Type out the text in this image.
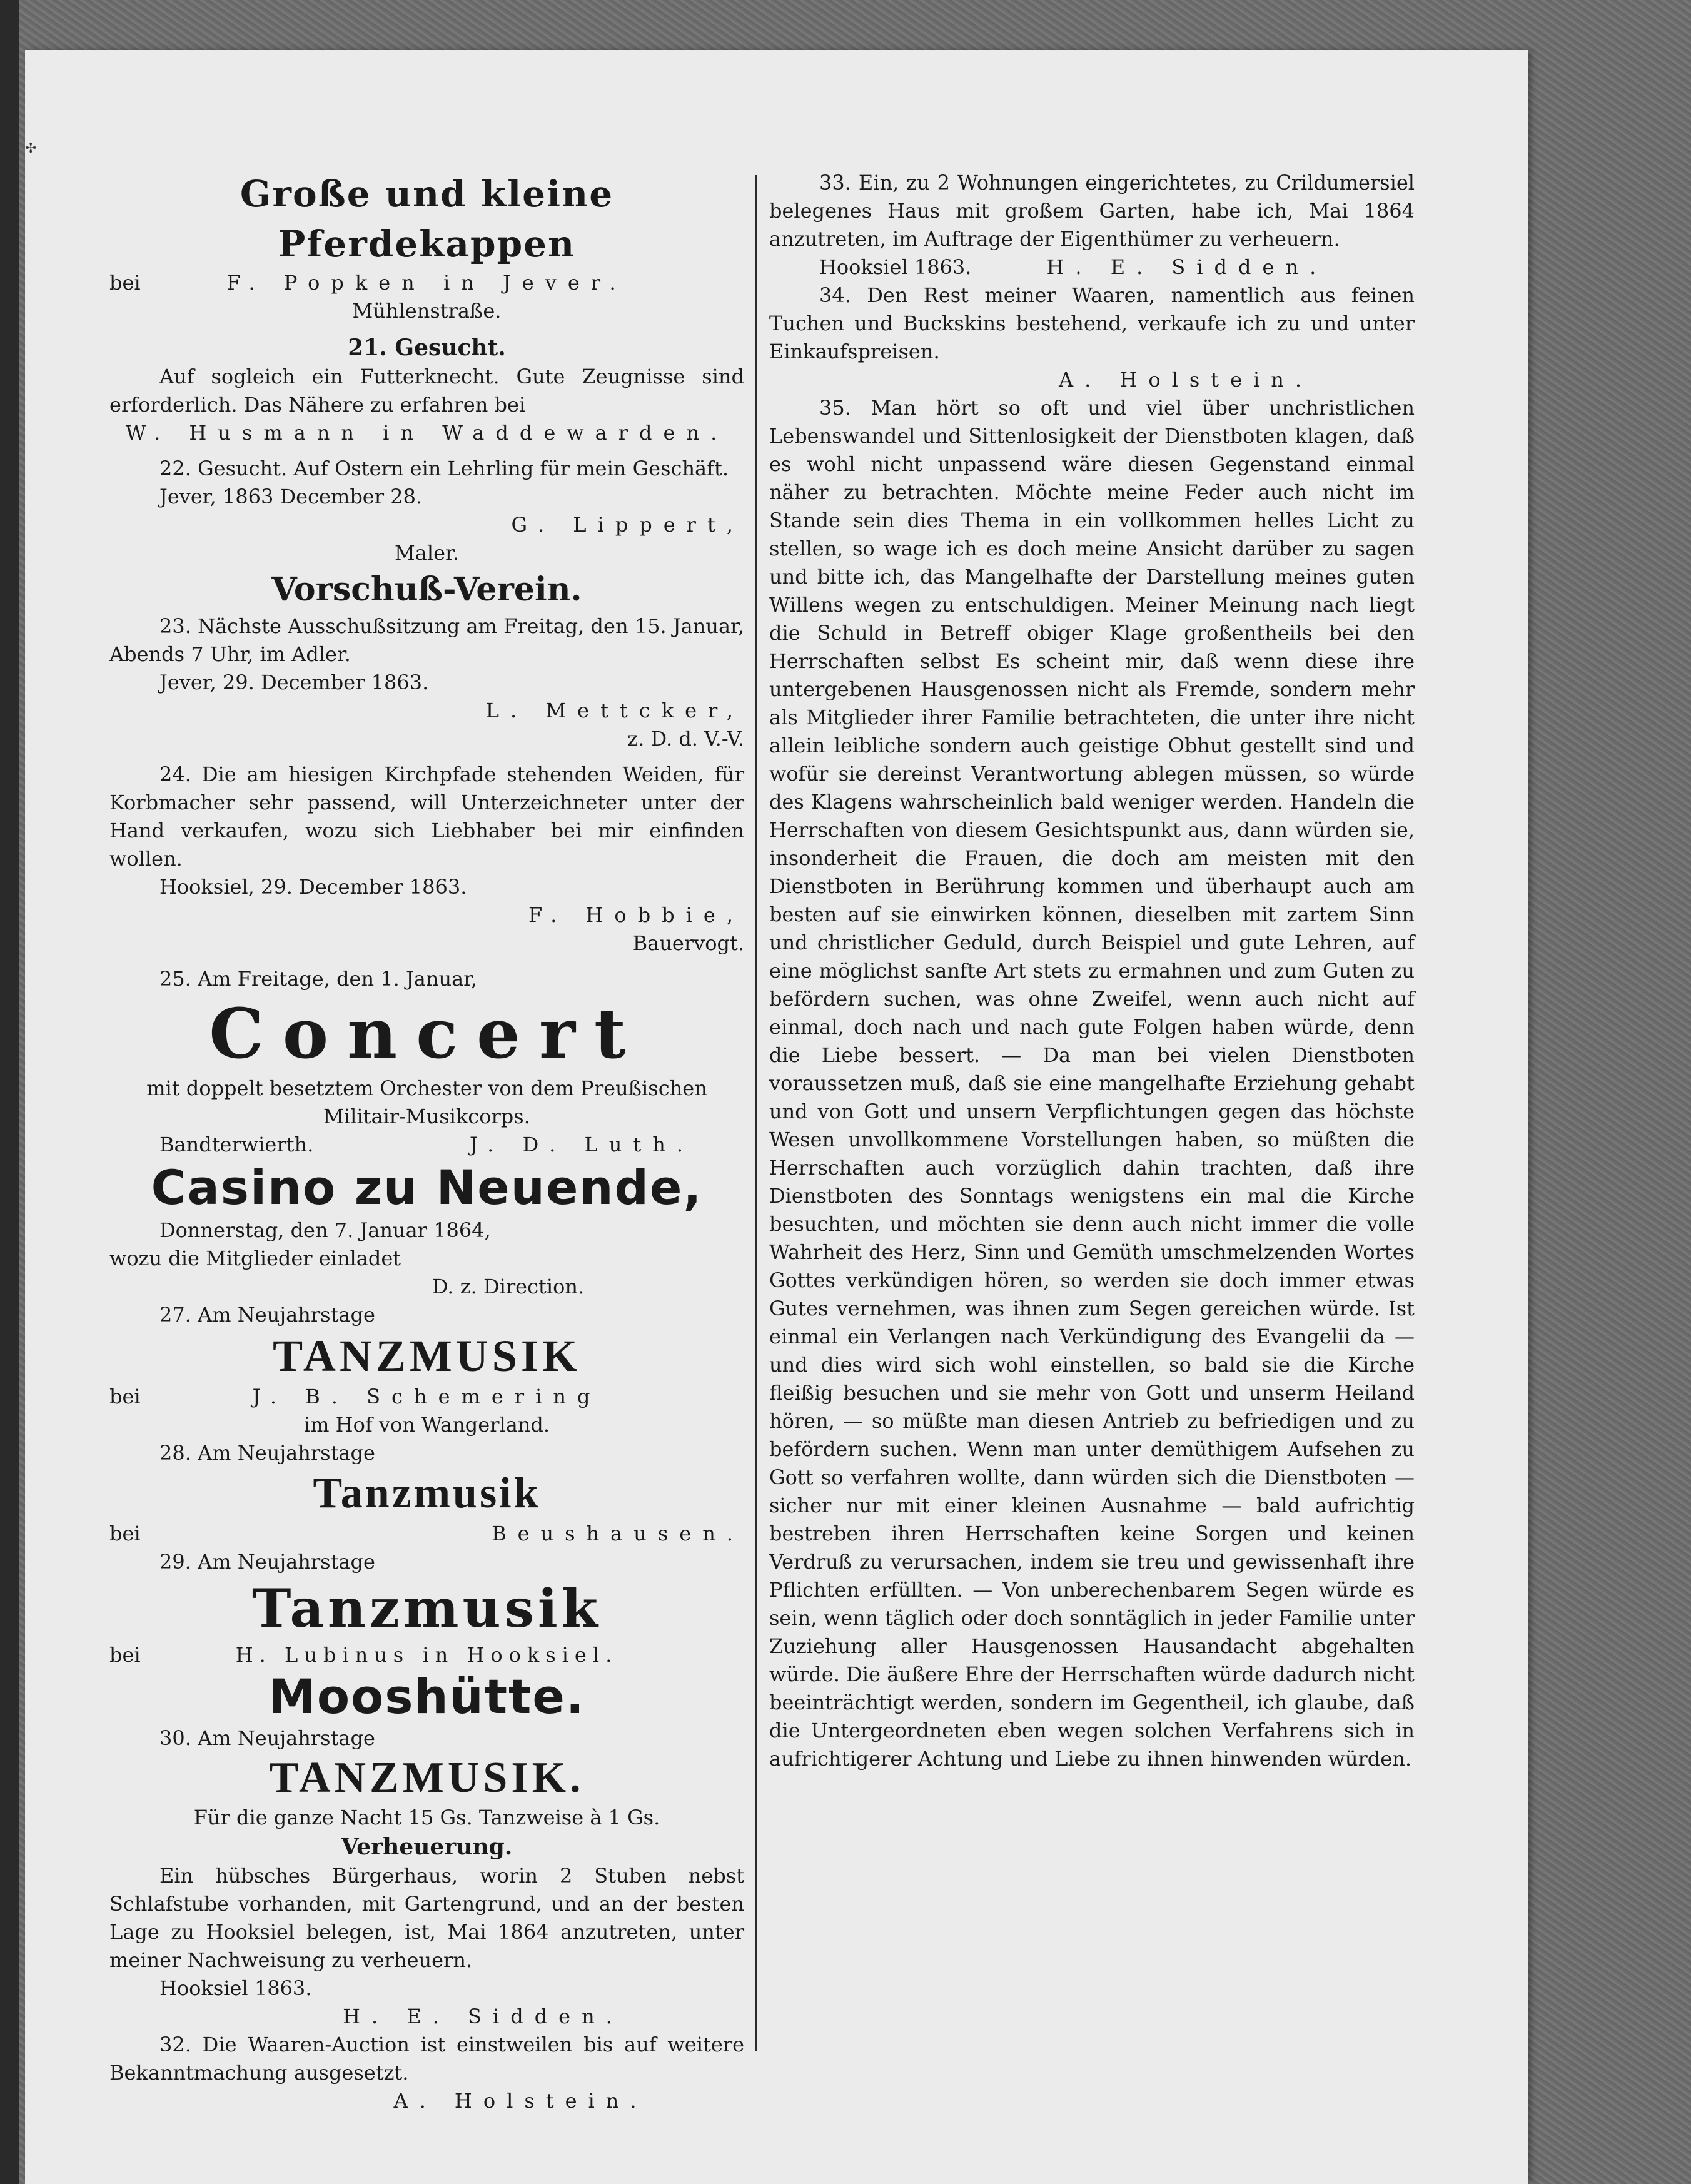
✢
Große und kleine Pferdekappen
bei	F. Popken in Jever.
Mühlenstraße.
21. Gesucht.

Auf sogleich ein Futterknecht. Gute Zeugnisse sind erforderlich. Das Nähere zu erfahren bei

W. Husmann in Waddewarden.

22. Gesucht. Auf Ostern ein Lehrling für mein Geschäft.

Jever, 1863 December 28.

G. Lippert,
Maler.
Vorschuß-Verein.

23. Nächste Ausschußsitzung am Freitag, den 15. Januar, Abends 7 Uhr, im Adler.

Jever, 29. December 1863.

L. Mettcker,
z. D. d. V.-V.

24. Die am hiesigen Kirchpfade stehenden Weiden, für Korbmacher sehr passend, will Unterzeichneter unter der Hand verkaufen, wozu sich Liebhaber bei mir einfinden wollen.

Hooksiel, 29. December 1863.

F. Hobbie,
Bauervogt.

25. Am Freitage, den 1. Januar,

Concert

mit doppelt besetztem Orchester von dem Preußischen Militair-Musikcorps.

Bandterwierth.	J. D. Luth.
Casino zu Neuende,

Donnerstag, den 7. Januar 1864,

wozu die Mitglieder einladet

D. z. Direction.

27. Am Neujahrstage

TANZMUSIK
bei	J. B. Schemering
im Hof von Wangerland.

28. Am Neujahrstage

Tanzmusik
bei	Beushausen.

29. Am Neujahrstage

Tanzmusik
bei	H. Lubinus in Hooksiel.
Mooshütte.

30. Am Neujahrstage

TANZMUSIK.

Für die ganze Nacht 15 Gs. Tanzweise à 1 Gs.

Verheuerung.

Ein hübsches Bürgerhaus, worin 2 Stuben nebst Schlafstube vorhanden, mit Gartengrund, und an der besten Lage zu Hooksiel belegen, ist, Mai 1864 anzutreten, unter meiner Nachweisung zu verheuern.

Hooksiel 1863.

H. E. Sidden.

32. Die Waaren-Auction ist einstweilen bis auf weitere Bekanntmachung ausgesetzt.

A. Holstein.

33. Ein, zu 2 Wohnungen eingerichtetes, zu Crildumersiel belegenes Haus mit großem Garten, habe ich, Mai 1864 anzutreten, im Auftrage der Eigenthümer zu verheuern.

Hooksiel 1863.	H. E. Sidden.

34. Den Rest meiner Waaren, namentlich aus feinen Tuchen und Buckskins bestehend, verkaufe ich zu und unter Einkaufspreisen.

A. Holstein.

35. Man hört so oft und viel über unchristlichen Lebenswandel und Sittenlosigkeit der Dienstboten klagen, daß es wohl nicht unpassend wäre diesen Gegenstand einmal näher zu betrachten. Möchte meine Feder auch nicht im Stande sein dies Thema in ein vollkommen helles Licht zu stellen, so wage ich es doch meine Ansicht darüber zu sagen und bitte ich, das Mangelhafte der Darstellung meines guten Willens wegen zu entschuldigen. Meiner Meinung nach liegt die Schuld in Betreff obiger Klage großentheils bei den Herrschaften selbst Es scheint mir, daß wenn diese ihre untergebenen Hausgenossen nicht als Fremde, sondern mehr als Mitglieder ihrer Familie betrachteten, die unter ihre nicht allein leibliche sondern auch geistige Obhut gestellt sind und wofür sie dereinst Verantwortung ablegen müssen, so würde des Klagens wahrscheinlich bald weniger werden. Handeln die Herrschaften von diesem Gesichtspunkt aus, dann würden sie, insonderheit die Frauen, die doch am meisten mit den Dienstboten in Berührung kommen und überhaupt auch am besten auf sie einwirken können, dieselben mit zartem Sinn und christlicher Geduld, durch Beispiel und gute Lehren, auf eine möglichst sanfte Art stets zu ermahnen und zum Guten zu befördern suchen, was ohne Zweifel, wenn auch nicht auf einmal, doch nach und nach gute Folgen haben würde, denn die Liebe bessert. — Da man bei vielen Dienstboten voraussetzen muß, daß sie eine mangelhafte Erziehung gehabt und von Gott und unsern Verpflichtungen gegen das höchste Wesen unvollkommene Vorstellungen haben, so müßten die Herrschaften auch vorzüglich dahin trachten, daß ihre Dienstboten des Sonntags wenigstens ein mal die Kirche besuchten, und möchten sie denn auch nicht immer die volle Wahrheit des Herz, Sinn und Gemüth umschmelzenden Wortes Gottes verkündigen hören, so werden sie doch immer etwas Gutes vernehmen, was ihnen zum Segen gereichen würde. Ist einmal ein Verlangen nach Verkündigung des Evangelii da — und dies wird sich wohl einstellen, so bald sie die Kirche fleißig besuchen und sie mehr von Gott und unserm Heiland hören, — so müßte man diesen Antrieb zu befriedigen und zu befördern suchen. Wenn man unter demüthigem Aufsehen zu Gott so verfahren wollte, dann würden sich die Dienstboten — sicher nur mit einer kleinen Ausnahme — bald aufrichtig bestreben ihren Herrschaften keine Sorgen und keinen Verdruß zu verursachen, indem sie treu und gewissenhaft ihre Pflichten erfüllten. — Von unberechenbarem Segen würde es sein, wenn täglich oder doch sonntäglich in jeder Familie unter Zuziehung aller Hausgenossen Hausandacht abgehalten würde. Die äußere Ehre der Herrschaften würde dadurch nicht beeinträchtigt werden, sondern im Gegentheil, ich glaube, daß die Untergeordneten eben wegen solchen Verfahrens sich in aufrichtigerer Achtung und Liebe zu ihnen hinwenden würden.
